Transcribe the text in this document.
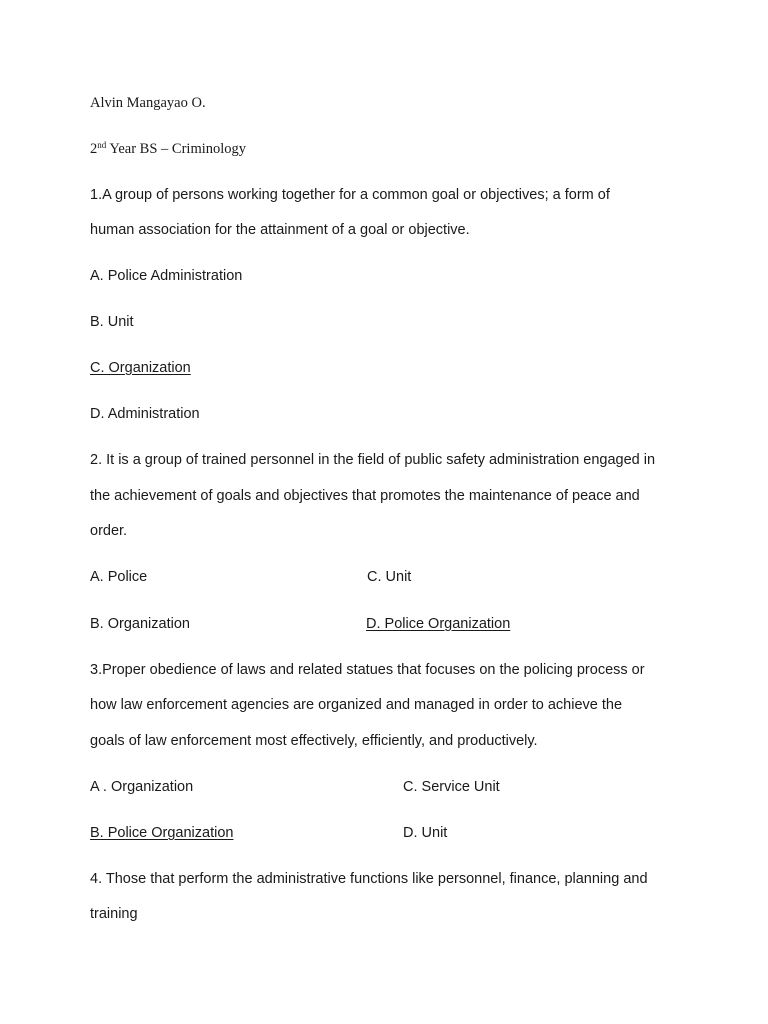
Alvin Mangayao O.
2nd Year BS – Criminology
1.A group of persons working together for a common goal or objectives; a form of
human association for the attainment of a goal or objective.
A. Police Administration
B. Unit
C. Organization
D. Administration
2. It is a group of trained personnel in the field of public safety administration engaged in
the achievement of goals and objectives that promotes the maintenance of peace and
order.
A. Police	C. Unit
B. Organization	D. Police Organization
3.Proper obedience of laws and related statues that focuses on the policing process or
how law enforcement agencies are organized and managed in order to achieve the
goals of law enforcement most effectively, efficiently, and productively.
A . Organization	C. Service Unit
B. Police Organization	D. Unit
4. Those that perform the administrative functions like personnel, finance, planning and
training
